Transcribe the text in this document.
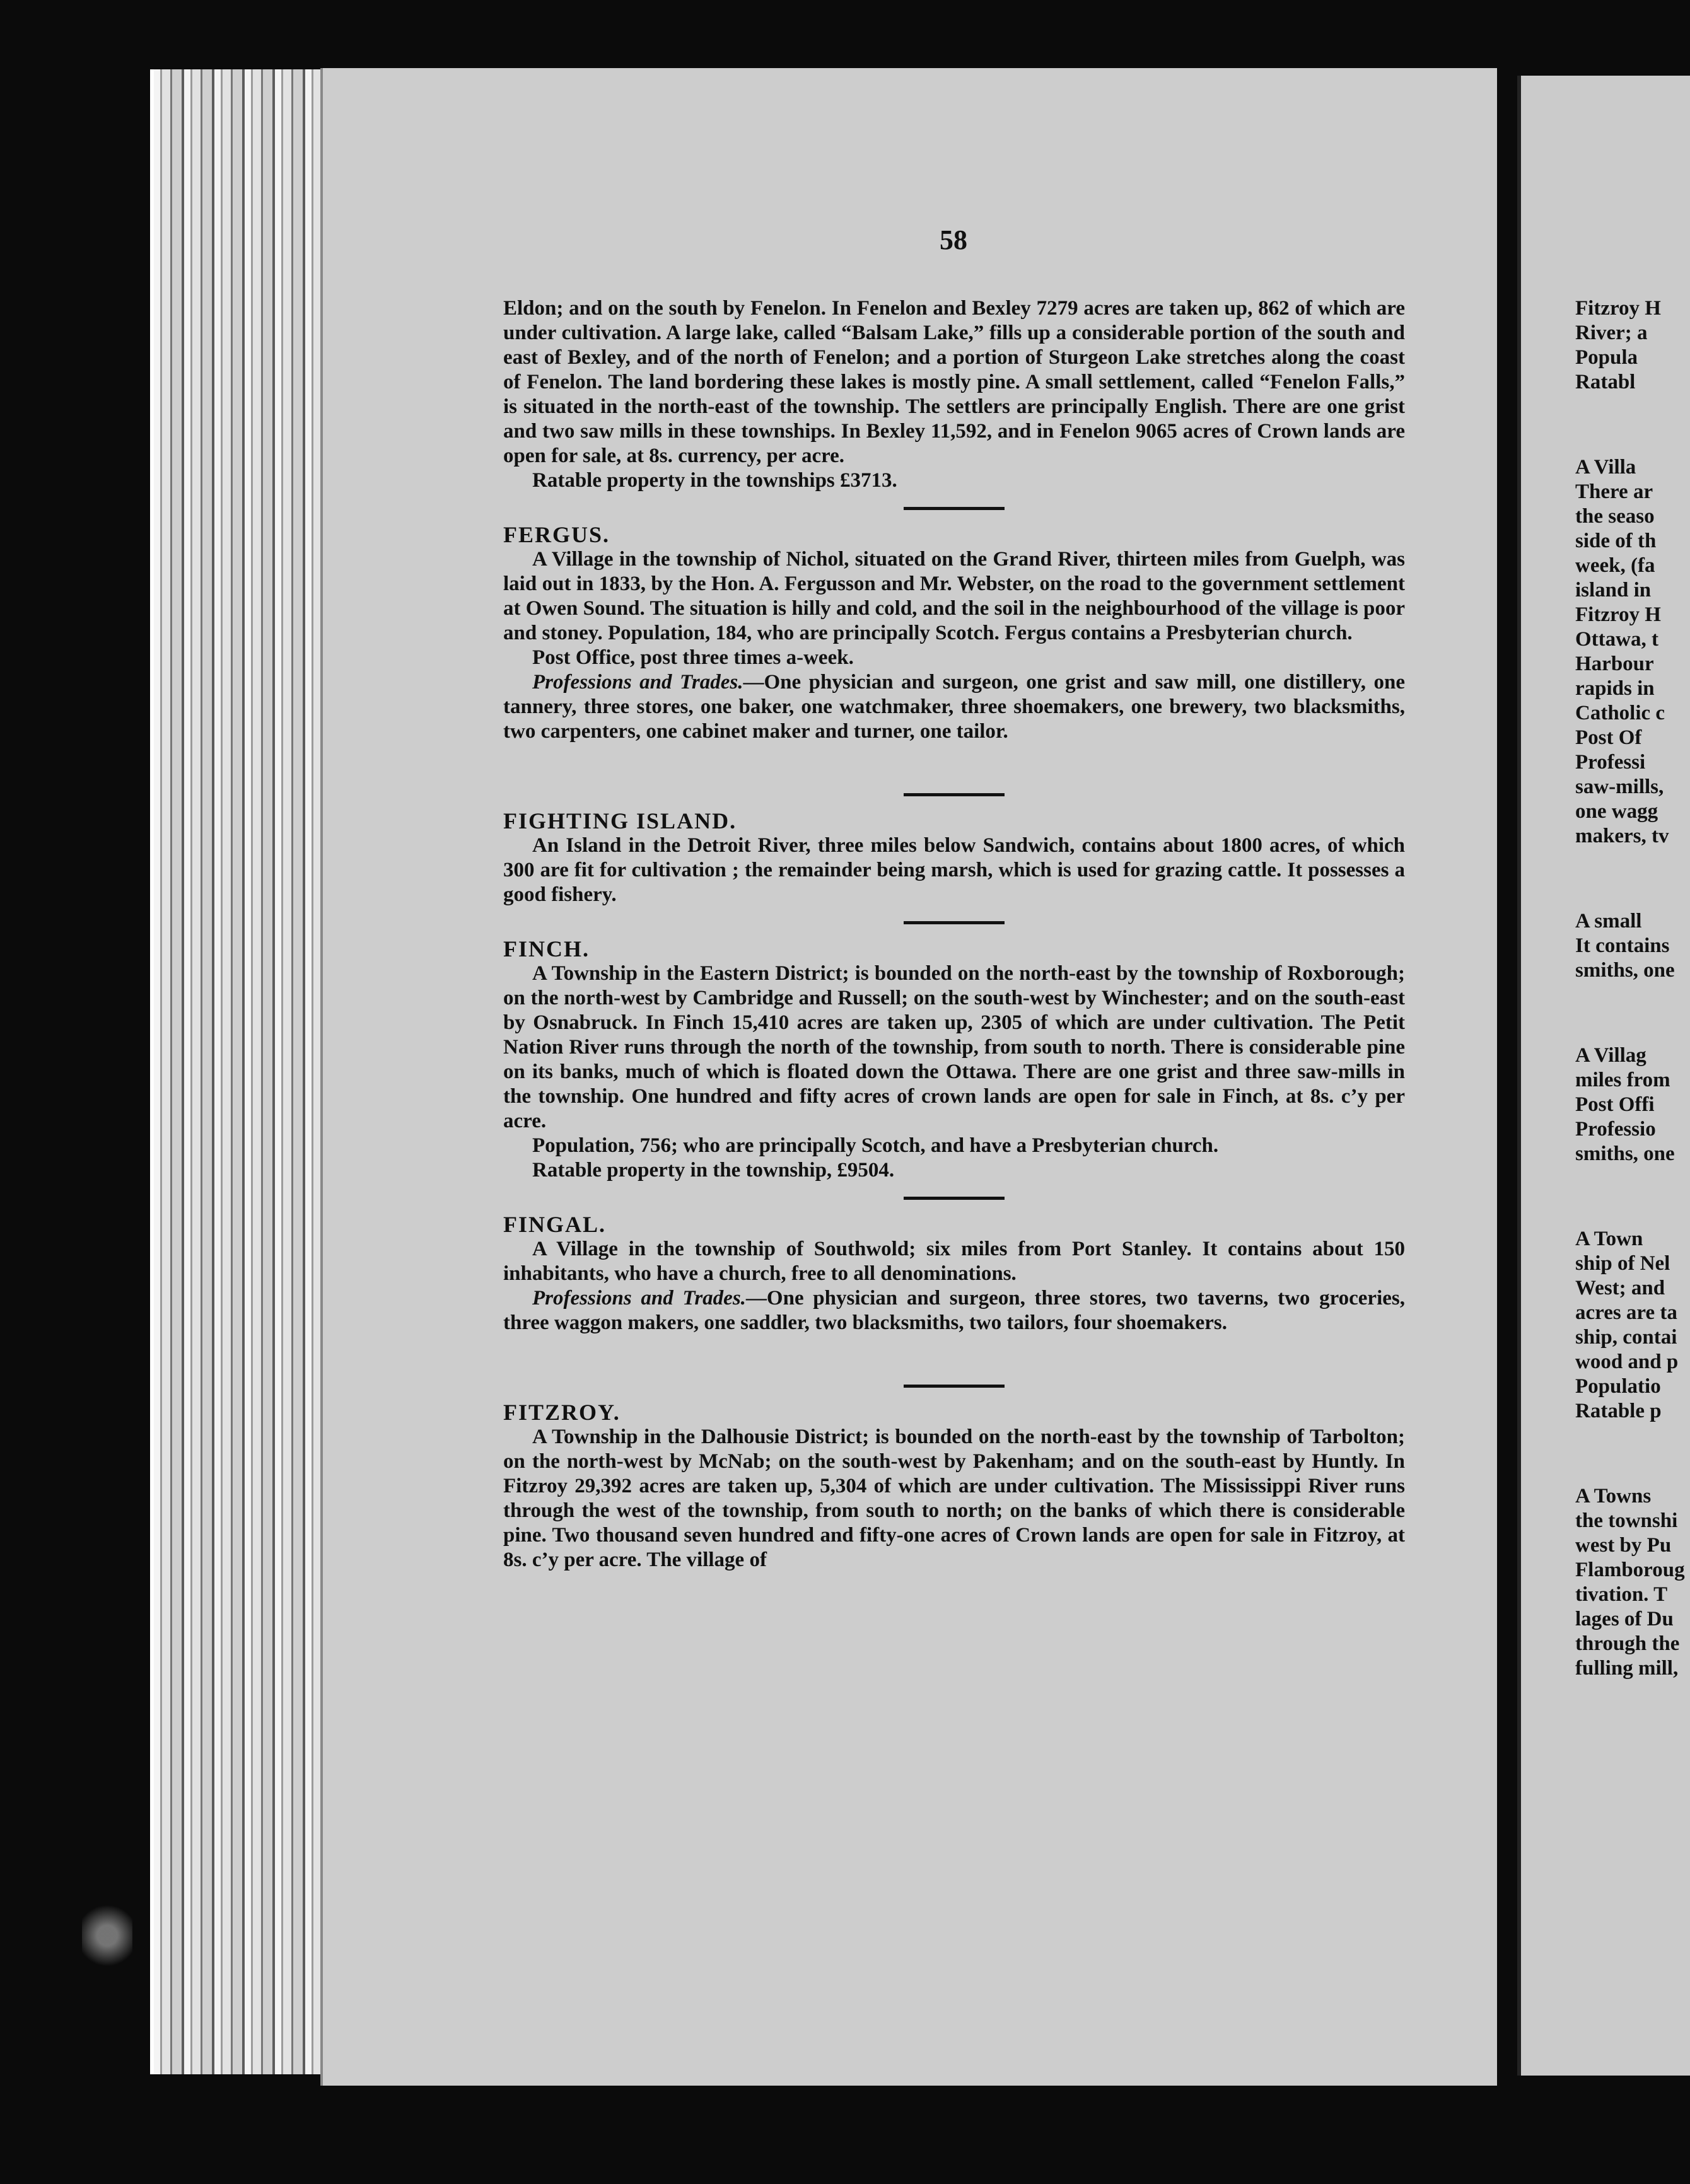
58

Eldon; and on the south by Fenelon. In Fenelon and Bexley 7279 acres are taken up, 862 of which are under cultivation. A large lake, called “Balsam Lake,” fills up a considerable portion of the south and east of Bexley, and of the north of Fenelon; and a portion of Sturgeon Lake stretches along the coast of Fenelon. The land bordering these lakes is mostly pine. A small settlement, called “Fenelon Falls,” is situated in the north-east of the township. The settlers are principally English. There are one grist and two saw mills in these townships. In Bexley 11,592, and in Fenelon 9065 acres of Crown lands are open for sale, at 8s. currency, per acre.

Ratable property in the townships £3713.

FERGUS.

A Village in the township of Nichol, situated on the Grand River, thirteen miles from Guelph, was laid out in 1833, by the Hon. A. Fergusson and Mr. Webster, on the road to the government settlement at Owen Sound. The situation is hilly and cold, and the soil in the neighbourhood of the village is poor and stoney. Population, 184, who are principally Scotch. Fergus contains a Presbyterian church.

Post Office, post three times a-week.

Professions and Trades.—One physician and surgeon, one grist and saw mill, one distillery, one tannery, three stores, one baker, one watchmaker, three shoemakers, one brewery, two blacksmiths, two carpenters, one cabinet maker and turner, one tailor.

FIGHTING ISLAND.

An Island in the Detroit River, three miles below Sandwich, contains about 1800 acres, of which 300 are fit for cultivation ; the remainder being marsh, which is used for grazing cattle. It possesses a good fishery.

FINCH.

A Township in the Eastern District; is bounded on the north-east by the township of Roxborough; on the north-west by Cambridge and Russell; on the south-west by Winchester; and on the south-east by Osnabruck. In Finch 15,410 acres are taken up, 2305 of which are under cultivation. The Petit Nation River runs through the north of the township, from south to north. There is considerable pine on its banks, much of which is floated down the Ottawa. There are one grist and three saw-mills in the township. One hundred and fifty acres of crown lands are open for sale in Finch, at 8s. c’y per acre.

Population, 756; who are principally Scotch, and have a Presbyterian church.

Ratable property in the township, £9504.

FINGAL.

A Village in the township of Southwold; six miles from Port Stanley. It contains about 150 inhabitants, who have a church, free to all denominations.

Professions and Trades.—One physician and surgeon, three stores, two taverns, two groceries, three waggon makers, one saddler, two blacksmiths, two tailors, four shoemakers.

FITZROY.

A Township in the Dalhousie District; is bounded on the north-east by the township of Tarbolton; on the north-west by McNab; on the south-west by Pakenham; and on the south-east by Huntly. In Fitzroy 29,392 acres are taken up, 5,304 of which are under cultivation. The Mississippi River runs through the west of the township, from south to north; on the banks of which there is considerable pine. Two thousand seven hundred and fifty-one acres of Crown lands are open for sale in Fitzroy, at 8s. c’y per acre. The village of

Fitzroy H
River; a
Popula
Ratabl
A Villa
There ar
the seaso
side of th
week, (fa
island in
Fitzroy H
Ottawa, t
Harbour
rapids in
Catholic c
Post Of
Professi
saw-mills,
one wagg
makers, tv
A small
It contains
smiths, one
A Villag
miles from
Post Offi
Professio
smiths, one
A Town
ship of Nel
West; and
acres are ta
ship, contai
wood and p
Populatio
Ratable p
A Towns
the townshi
west by Pu
Flamboroug
tivation. T
lages of Du
through the
fulling mill,
